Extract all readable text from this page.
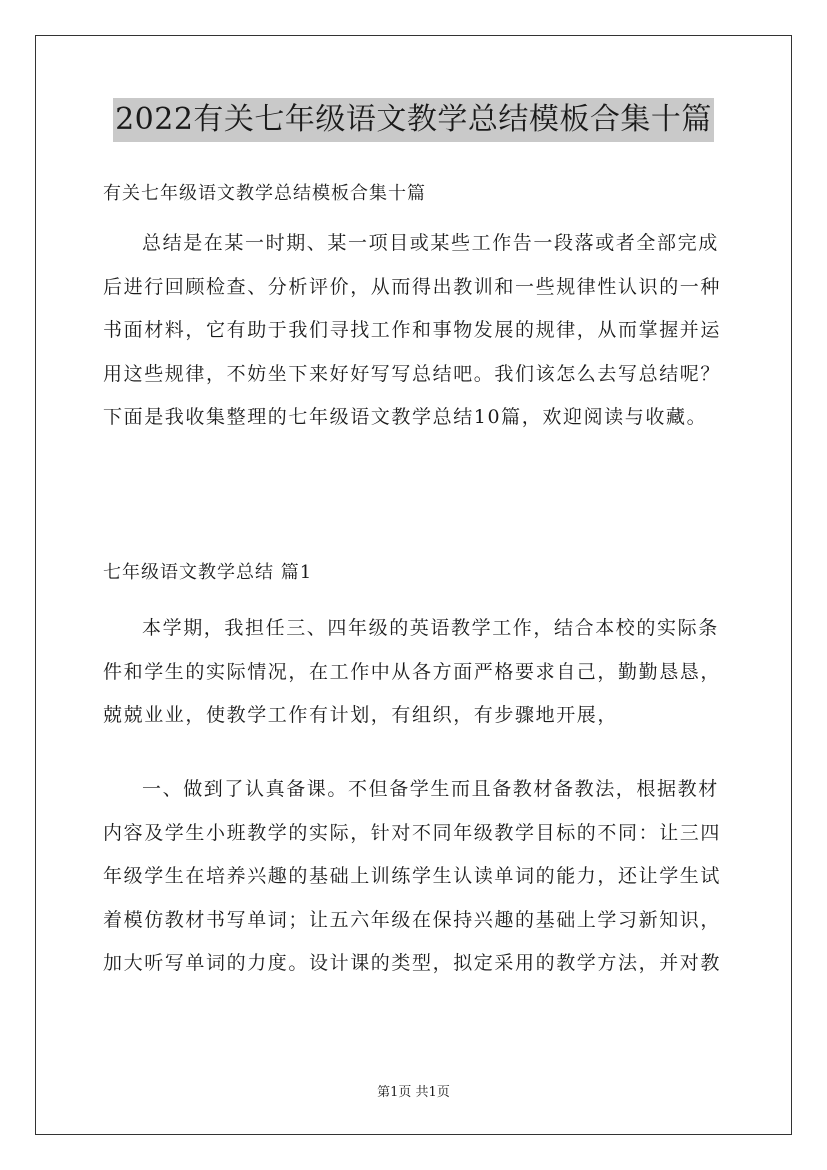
2022有关七年级语文教学总结模板合集十篇
有关七年级语文教学总结模板合集十篇
总结是在某一时期、某一项目或某些工作告一段落或者全部完成
后进行回顾检查、分析评价，从而得出教训和一些规律性认识的一种
书面材料，它有助于我们寻找工作和事物发展的规律，从而掌握并运
用这些规律，不妨坐下来好好写写总结吧。我们该怎么去写总结呢？
下面是我收集整理的七年级语文教学总结10篇，欢迎阅读与收藏。
七年级语文教学总结 篇1
本学期，我担任三、四年级的英语教学工作，结合本校的实际条
件和学生的实际情况，在工作中从各方面严格要求自己，勤勤恳恳，
兢兢业业，使教学工作有计划，有组织，有步骤地开展，
一、做到了认真备课。不但备学生而且备教材备教法，根据教材
内容及学生小班教学的实际，针对不同年级教学目标的不同：让三四
年级学生在培养兴趣的基础上训练学生认读单词的能力，还让学生试
着模仿教材书写单词；让五六年级在保持兴趣的基础上学习新知识，
加大听写单词的力度。设计课的类型，拟定采用的教学方法，并对教
第1页 共1页
